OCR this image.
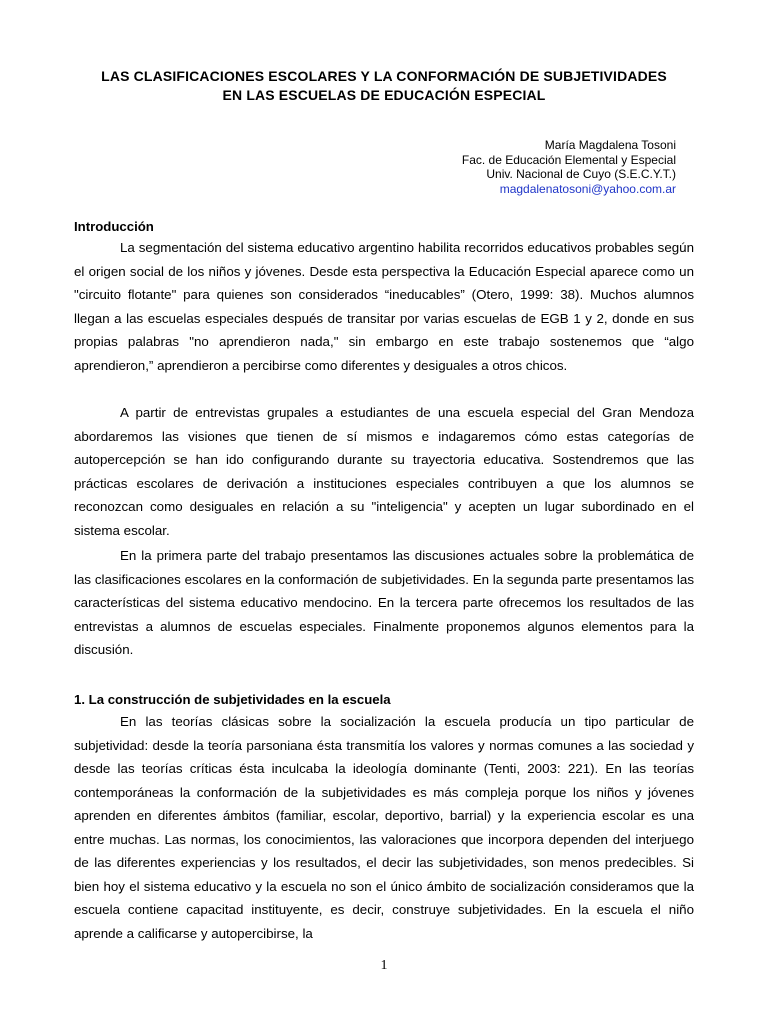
LAS CLASIFICACIONES ESCOLARES Y LA CONFORMACIÓN DE SUBJETIVIDADES
EN LAS ESCUELAS DE EDUCACIÓN ESPECIAL
María Magdalena Tosoni
Fac. de Educación Elemental y Especial
Univ. Nacional de Cuyo (S.E.C.Y.T.)
magdalenatosoni@yahoo.com.ar
Introducción
La segmentación del sistema educativo argentino habilita recorridos educativos probables según el origen social de los niños y jóvenes. Desde esta perspectiva la Educación Especial aparece como un "circuito flotante" para quienes son considerados “ineducables” (Otero, 1999: 38). Muchos alumnos llegan a las escuelas especiales después de transitar por varias escuelas de EGB 1 y 2, donde en sus propias palabras "no aprendieron nada," sin embargo en este trabajo sostenemos que “algo aprendieron,” aprendieron a percibirse como diferentes y desiguales a otros chicos.
A partir de entrevistas grupales a estudiantes de una escuela especial del Gran Mendoza abordaremos las visiones que tienen de sí mismos e indagaremos cómo estas categorías de autopercepción se han ido configurando durante su trayectoria educativa. Sostendremos que las prácticas escolares de derivación a instituciones especiales contribuyen a que los alumnos se reconozcan como desiguales en relación a su "inteligencia" y acepten un lugar subordinado en el sistema escolar.
En la primera parte del trabajo presentamos las discusiones actuales sobre la problemática de las clasificaciones escolares en la conformación de subjetividades. En la segunda parte presentamos las características del sistema educativo mendocino. En la tercera parte ofrecemos los resultados de las entrevistas a alumnos de escuelas especiales. Finalmente proponemos algunos elementos para la discusión.
1. La construcción de subjetividades en la escuela
En las teorías clásicas sobre la socialización la escuela producía un tipo particular de subjetividad: desde la teoría parsoniana ésta transmitía los valores y normas comunes a las sociedad y desde las teorías críticas ésta inculcaba la ideología dominante (Tenti, 2003: 221). En las teorías contemporáneas la conformación de la subjetividades es más compleja porque los niños y jóvenes aprenden en diferentes ámbitos (familiar, escolar, deportivo, barrial) y la experiencia escolar es una entre muchas. Las normas, los conocimientos, las valoraciones que incorpora dependen del interjuego de las diferentes experiencias y los resultados, el decir las subjetividades, son menos predecibles. Si bien hoy el sistema educativo y la escuela no son el único ámbito de socialización consideramos que la escuela contiene capacitad instituyente, es decir, construye subjetividades. En la escuela el niño aprende a calificarse y autopercibirse, la
1
